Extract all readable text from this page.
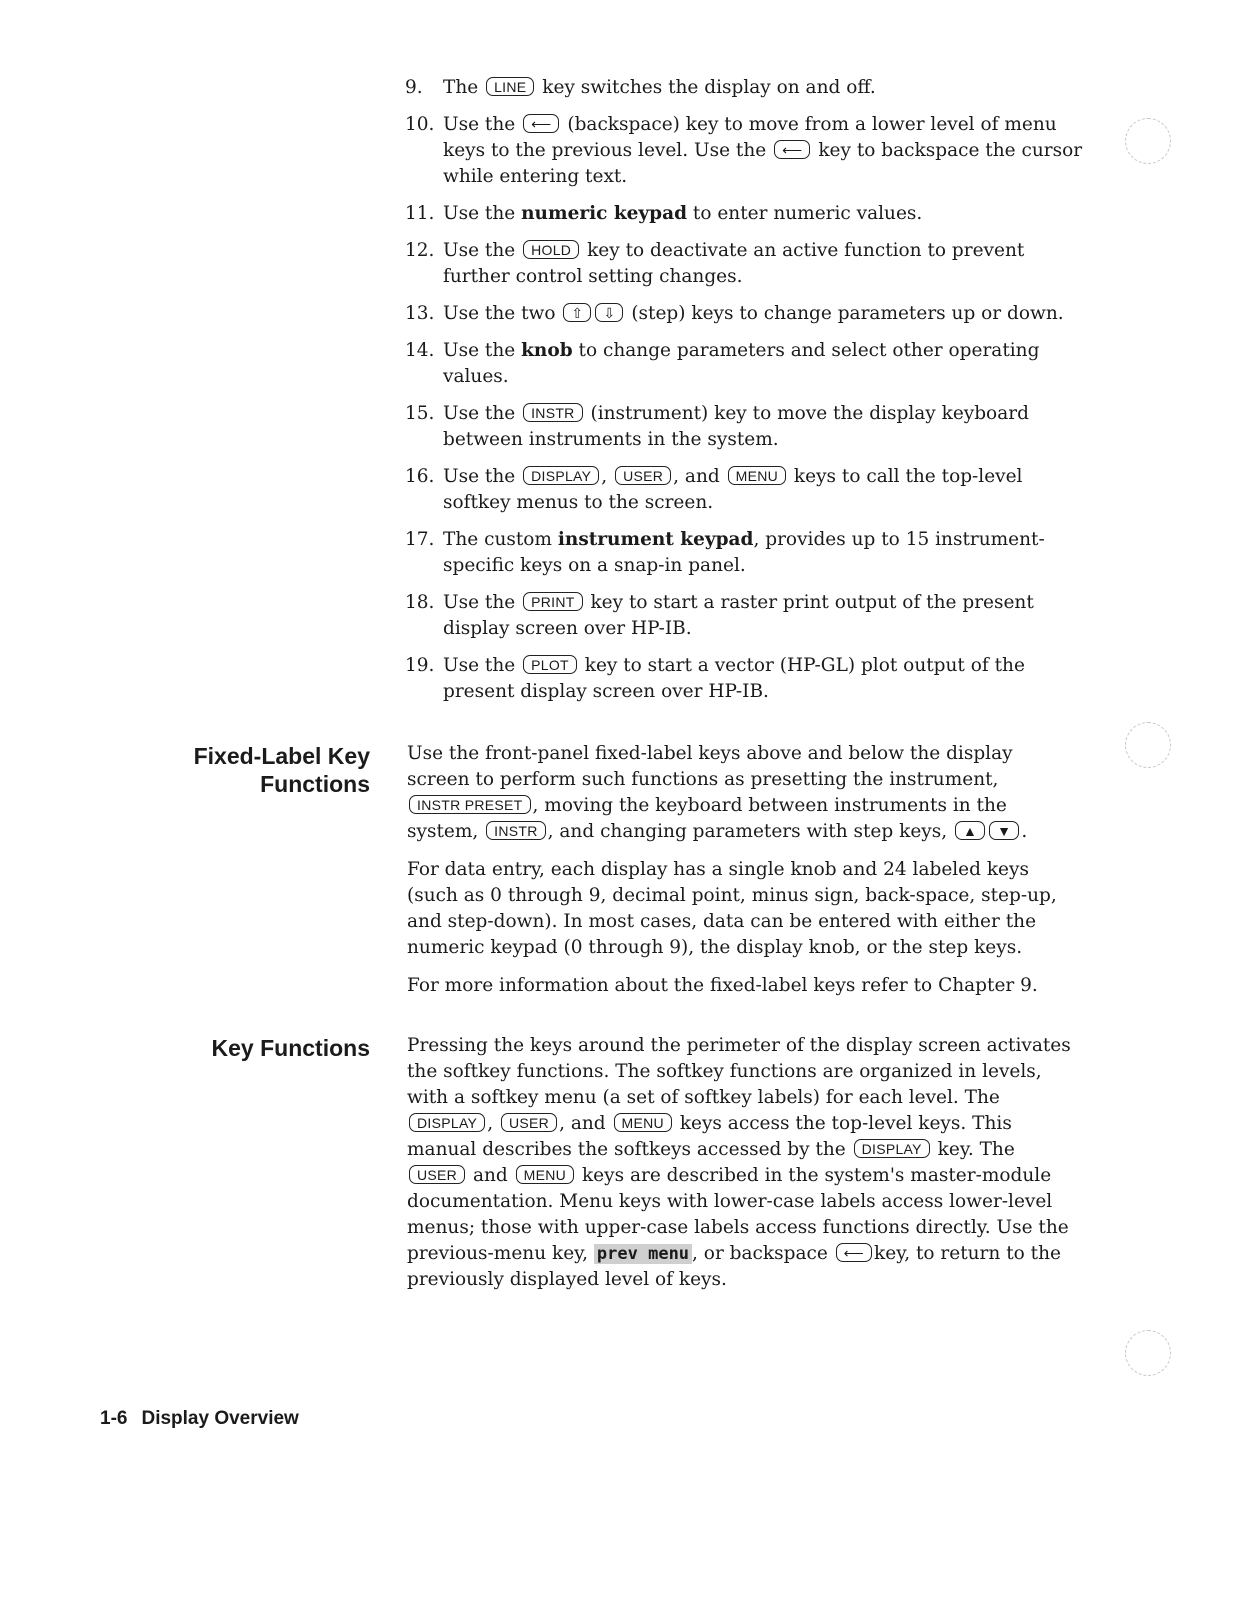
9.	The LINE key switches the display on and off.
10. Use the ⟵ (backspace) key to move from a lower level of menu keys to the previous level. Use the ⟵ key to backspace the cursor while entering text.
11. Use the numeric keypad to enter numeric values.
12. Use the HOLD key to deactivate an active function to prevent further control setting changes.
13. Use the two ⇧ ⇩ (step) keys to change parameters up or down.
14. Use the knob to change parameters and select other operating values.
15. Use the INSTR (instrument) key to move the display keyboard between instruments in the system.
16. Use the DISPLAY , USER , and MENU keys to call the top-level softkey menus to the screen.
17. The custom instrument keypad, provides up to 15 instrument-specific keys on a snap-in panel.
18. Use the PRINT key to start a raster print output of the present display screen over HP-IB.
19. Use the PLOT key to start a vector (HP-GL) plot output of the present display screen over HP-IB.
Fixed-Label Key
Functions

Use the front-panel fixed-label keys above and below the display screen to perform such functions as presetting the instrument, INSTR PRESET , moving the keyboard between instruments in the system, INSTR , and changing parameters with step keys, ▲ ▼ .

For data entry, each display has a single knob and 24 labeled keys (such as 0 through 9, decimal point, minus sign, back-space, step-up, and step-down). In most cases, data can be entered with either the numeric keypad (0 through 9), the display knob, or the step keys.

For more information about the fixed-label keys refer to Chapter 9.

Key Functions Pressing the keys around the perimeter of the display screen activates the softkey functions. The softkey functions are organized in levels, with a softkey menu (a set of softkey labels) for each level. The DISPLAY , USER , and MENU keys access the top-level keys. This manual describes the softkeys accessed by the DISPLAY key. The USER and MENU keys are described in the system's master-module documentation. Menu keys with lower-case labels access lower-level menus; those with upper-case labels access functions directly. Use the previous-menu key, prev menu , or backspace ⟵ key, to return to the previously displayed level of keys.

1-6 Display Overview
